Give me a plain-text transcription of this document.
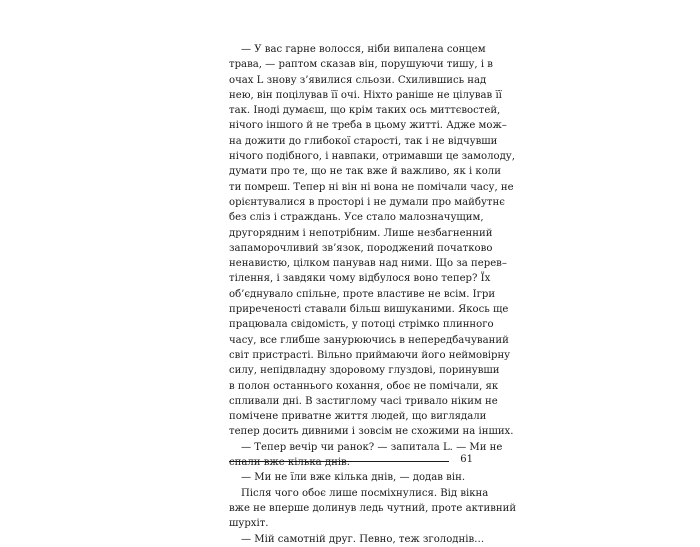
— У вас гарне волосся, ніби випалена сонцем
трава, — раптом сказав він, порушуючи тишу, і в
очах L знову з’явилися сльози. Схилившись над
нею, він поцілував її очі. Ніхто раніше не цілував її
так. Іноді думаєш, що крім таких ось миттєвостей,
нічого іншого й не треба в цьому житті. Адже мож–
на дожити до глибокої старості, так і не відчувши
нічого подібного, і навпаки, отримавши це замолоду,
думати про те, що не так вже й важливо, як і коли
ти помреш. Тепер ні він ні вона не помічали часу, не
орієнтувалися в просторі і не думали про майбутнє
без сліз і страждань. Усе стало малозначущим,
другорядним і непотрібним. Лише незбагненний
запаморочливий зв’язок, породжений початково
ненавистю, цілком панував над ними. Що за перев–
тілення, і завдяки чому відбулося воно тепер? Їх
об’єднувало спільне, проте властиве не всім. Ігри
приреченості ставали більш вишуканими. Якось ще
працювала свідомість, у потоці стрімко плинного
часу, все глибше занурюючись в непередбачуваний
світ пристрасті. Вільно приймаючи його неймовірну
силу, непідвладну здоровому глуздові, поринувши
в полон останнього кохання, обоє не помічали, як
спливали дні. В застиглому часі тривало ніким не
помічене приватне життя людей, що виглядали
тепер досить дивними і зовсім не схожими на інших.
— Тепер вечір чи ранок? — запитала L. — Ми не
спали вже кілька днів.
— Ми не їли вже кілька днів, — додав він.
Після чого обоє лише посміхнулися. Від вікна
вже не вперше долинув ледь чутний, проте активний
шурхіт.
— Мій самотній друг. Певно, теж зголоднів…
61
